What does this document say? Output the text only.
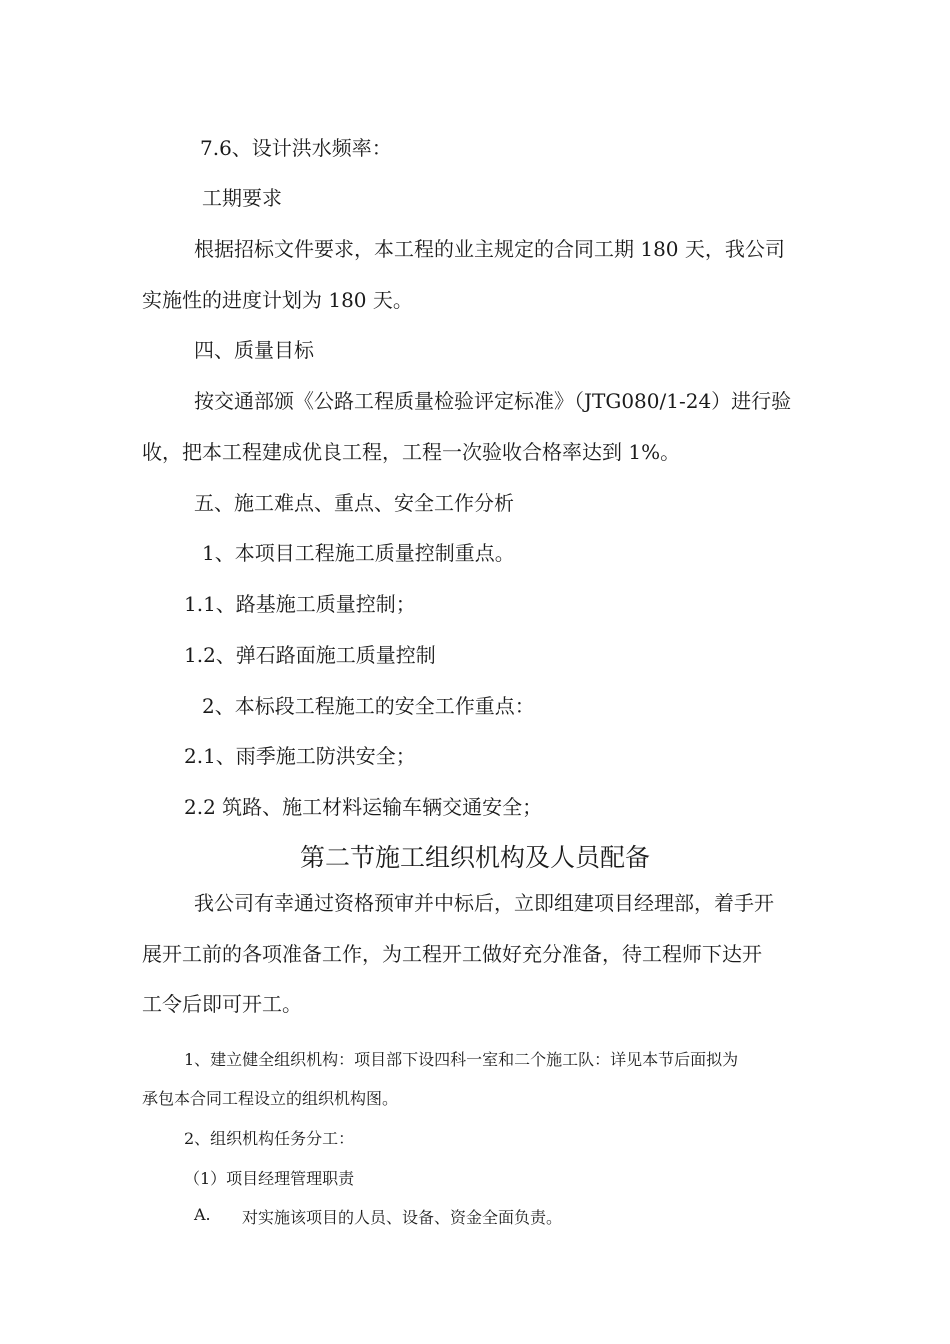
7.6、设计洪水频率：
工期要求
根据招标文件要求，本工程的业主规定的合同工期 180 天，我公司
实施性的进度计划为 180 天。
四、质量目标
按交通部颁《公路工程质量检验评定标准》（JTG080/1-24）进行验
收，把本工程建成优良工程，工程一次验收合格率达到 1%。
五、施工难点、重点、安全工作分析
1、本项目工程施工质量控制重点。
1.1、路基施工质量控制；
1.2、弹石路面施工质量控制
2、本标段工程施工的安全工作重点：
2.1、雨季施工防洪安全；
2.2 筑路、施工材料运输车辆交通安全；
第二节施工组织机构及人员配备
我公司有幸通过资格预审并中标后，立即组建项目经理部，着手开
展开工前的各项准备工作，为工程开工做好充分准备，待工程师下达开
工令后即可开工。
1、建立健全组织机构：项目部下设四科一室和二个施工队：详见本节后面拟为
承包本合同工程设立的组织机构图。
2、组织机构任务分工：
（1）项目经理管理职责
A. 对实施该项目的人员、设备、资金全面负责。
